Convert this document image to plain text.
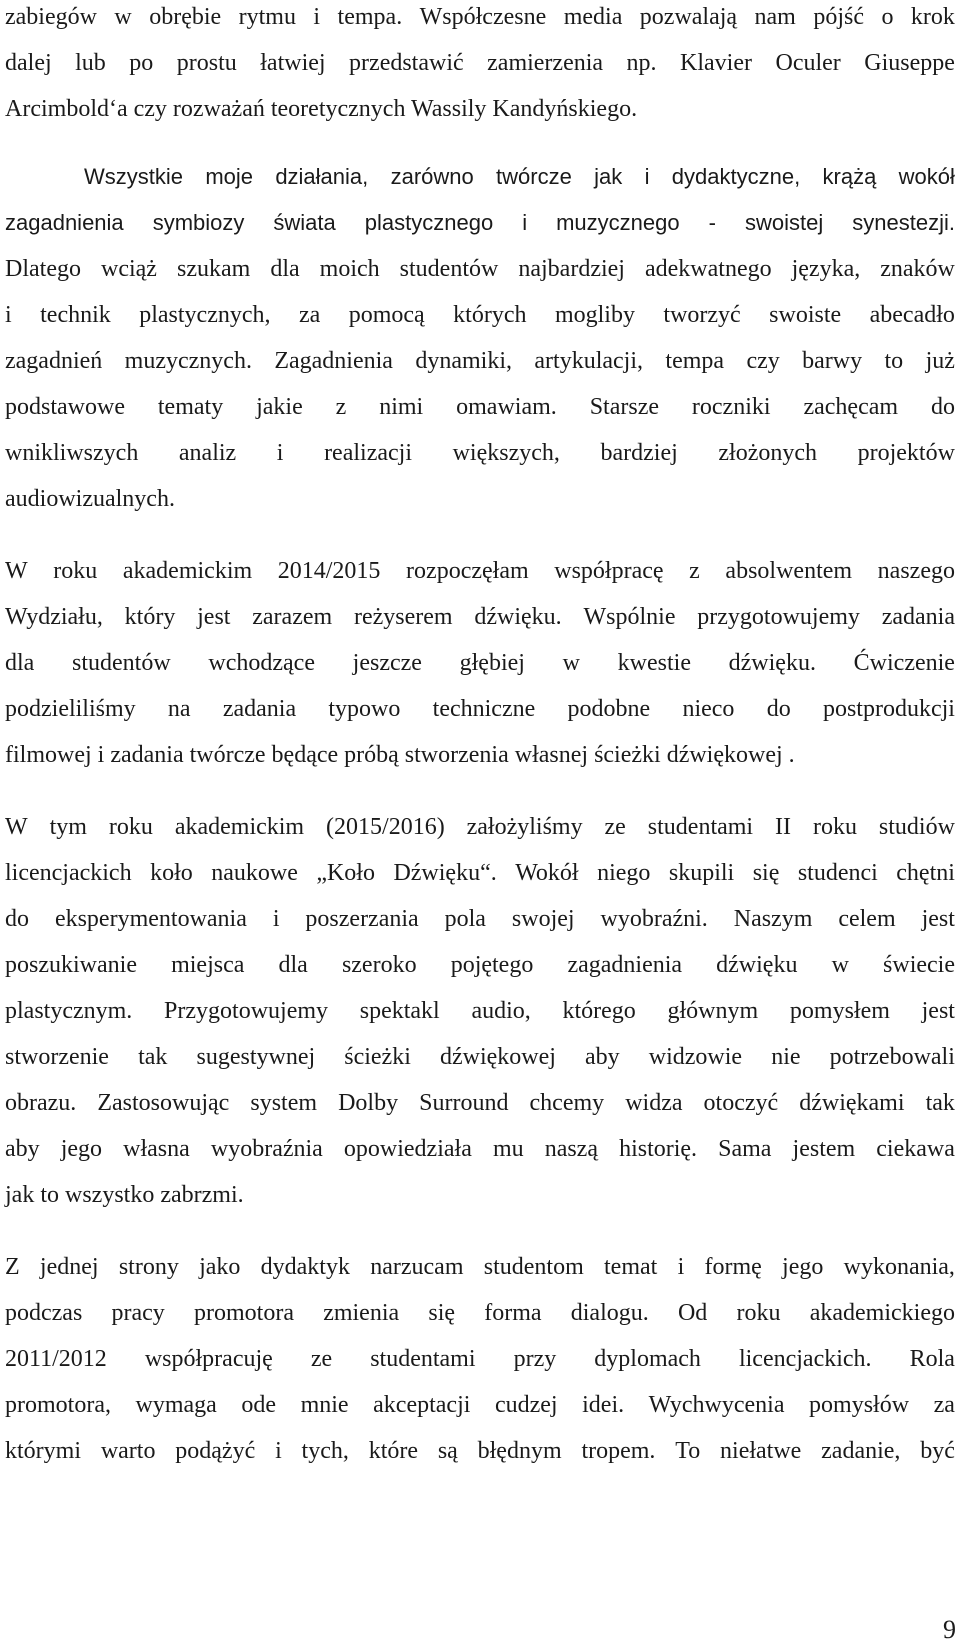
zabiegów w obrębie rytmu i tempa. Współczesne media pozwalają nam pójść o krok
dalej lub po prostu łatwiej przedstawić zamierzenia np. Klavier Oculer Giuseppe
Arcimbold‘a czy rozważań teoretycznych Wassily Kandyńskiego.
Wszystkie moje działania, zarówno twórcze jak i dydaktyczne, krążą wokół
zagadnienia symbiozy świata plastycznego i muzycznego - swoistej synestezji.
Dlatego wciąż szukam dla moich studentów najbardziej adekwatnego języka, znaków
i technik plastycznych, za pomocą których mogliby tworzyć swoiste abecadło
zagadnień muzycznych. Zagadnienia dynamiki, artykulacji, tempa czy barwy to już
podstawowe tematy jakie z nimi omawiam. Starsze roczniki zachęcam do
wnikliwszych analiz i realizacji większych, bardziej złożonych projektów
audiowizualnych.
W roku akademickim 2014/2015 rozpoczęłam współpracę z absolwentem naszego
Wydziału, który jest zarazem reżyserem dźwięku. Wspólnie przygotowujemy zadania
dla studentów wchodzące jeszcze głębiej w kwestie dźwięku. Ćwiczenie
podzieliliśmy na zadania typowo techniczne podobne nieco do postprodukcji
filmowej i zadania twórcze będące próbą stworzenia własnej ścieżki dźwiękowej .
W tym roku akademickim (2015/2016) założyliśmy ze studentami II roku studiów
licencjackich koło naukowe „Koło Dźwięku“. Wokół niego skupili się studenci chętni
do eksperymentowania i poszerzania pola swojej wyobraźni. Naszym celem jest
poszukiwanie miejsca dla szeroko pojętego zagadnienia dźwięku w świecie
plastycznym. Przygotowujemy spektakl audio, którego głównym pomysłem jest
stworzenie tak sugestywnej ścieżki dźwiękowej aby widzowie nie potrzebowali
obrazu. Zastosowując system Dolby Surround chcemy widza otoczyć dźwiękami tak
aby jego własna wyobraźnia opowiedziała mu naszą historię. Sama jestem ciekawa
jak to wszystko zabrzmi.
Z jednej strony jako dydaktyk narzucam studentom temat i formę jego wykonania,
podczas pracy promotora zmienia się forma dialogu. Od roku akademickiego
2011/2012 współpracuję ze studentami przy dyplomach licencjackich. Rola
promotora, wymaga ode mnie akceptacji cudzej idei. Wychwycenia pomysłów za
którymi warto podążyć i tych, które są błędnym tropem. To niełatwe zadanie, być
9
